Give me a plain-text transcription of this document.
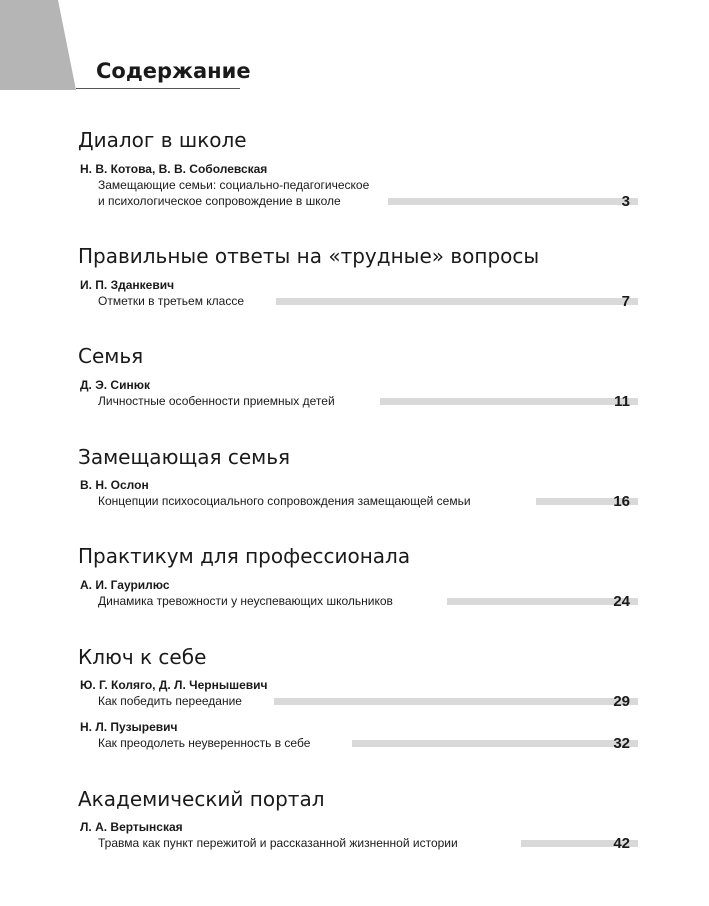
Содержание
Диалог в школе
Н. В. Котова, В. В. Соболевская
Замещающие семьи: социально-педагогическое
и психологическое сопровождение в школе	3
Правильные ответы на «трудные» вопросы
И. П. Зданкевич
Отметки в третьем классе	7
Семья
Д. Э. Синюк
Личностные особенности приемных детей	11
Замещающая семья
В. Н. Ослон
Концепции психосоциального сопровождения замещающей семьи	16
Практикум для профессионала
А. И. Гаурилюс
Динамика тревожности у неуспевающих школьников	24
Ключ к себе
Ю. Г. Коляго, Д. Л. Чернышевич
Как победить переедание	29
Н. Л. Пузыревич
Как преодолеть неуверенность в себе	32
Академический портал
Л. А. Вертынская
Травма как пункт пережитой и рассказанной жизненной истории	42
